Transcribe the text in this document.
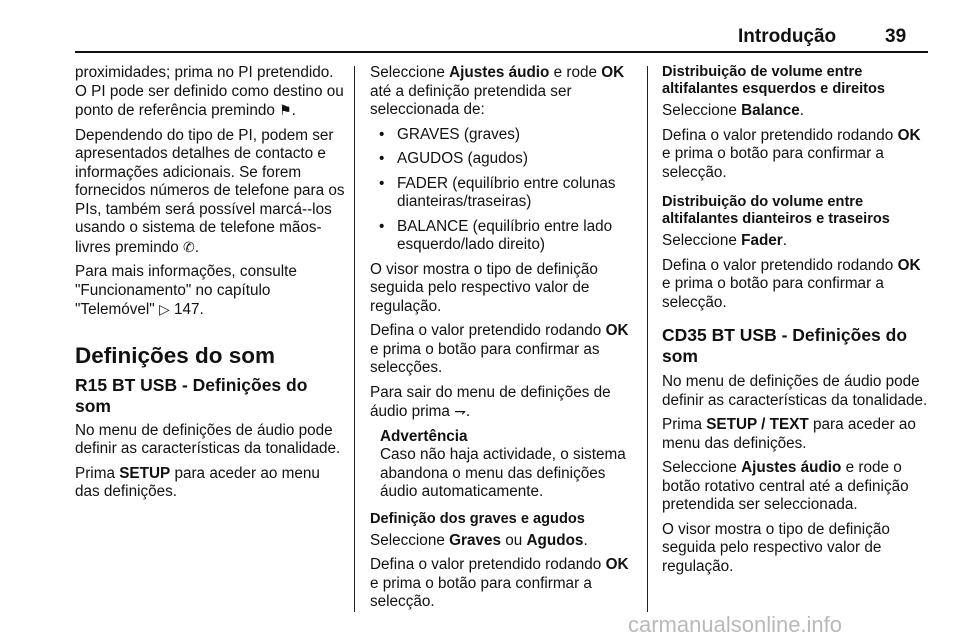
Introdução	39

proximidades; prima no PI pretendido. O PI pode ser definido como destino ou ponto de referência premindo ⚑.

Dependendo do tipo de PI, podem ser apresentados detalhes de contacto e informações adicionais. Se forem fornecidos números de telefone para os PIs, também será possível marcá--los usando o sistema de telefone mãos-livres premindo ✆.

Para mais informações, consulte "Funcionamento" no capítulo "Telemóvel" ▷ 147.

Definições do som
R15 BT USB - Definições do som

No menu de definições de áudio pode definir as características da tonalidade.

Prima SETUP para aceder ao menu das definições.

Seleccione Ajustes áudio e rode OK até a definição pretendida ser seleccionada de:

• GRAVES (graves)
• AGUDOS (agudos)
• FADER (equilíbrio entre colunas dianteiras/traseiras)
• BALANCE (equilíbrio entre lado esquerdo/lado direito)

O visor mostra o tipo de definição seguida pelo respectivo valor de regulação.

Defina o valor pretendido rodando OK e prima o botão para confirmar as selecções.

Para sair do menu de definições de áudio prima ⇁.

Advertência
Caso não haja actividade, o sistema abandona o menu das definições áudio automaticamente.
Definição dos graves e agudos

Seleccione Graves ou Agudos.

Defina o valor pretendido rodando OK e prima o botão para confirmar a selecção.

Distribuição de volume entre altifalantes esquerdos e direitos

Seleccione Balance.

Defina o valor pretendido rodando OK e prima o botão para confirmar a selecção.

Distribuição do volume entre altifalantes dianteiros e traseiros

Seleccione Fader.

Defina o valor pretendido rodando OK e prima o botão para confirmar a selecção.

CD35 BT USB - Definições do som

No menu de definições de áudio pode definir as características da tonalidade.

Prima SETUP / TEXT para aceder ao menu das definições.

Seleccione Ajustes áudio e rode o botão rotativo central até a definição pretendida ser seleccionada.

O visor mostra o tipo de definição seguida pelo respectivo valor de regulação.

carmanualsonline.info
